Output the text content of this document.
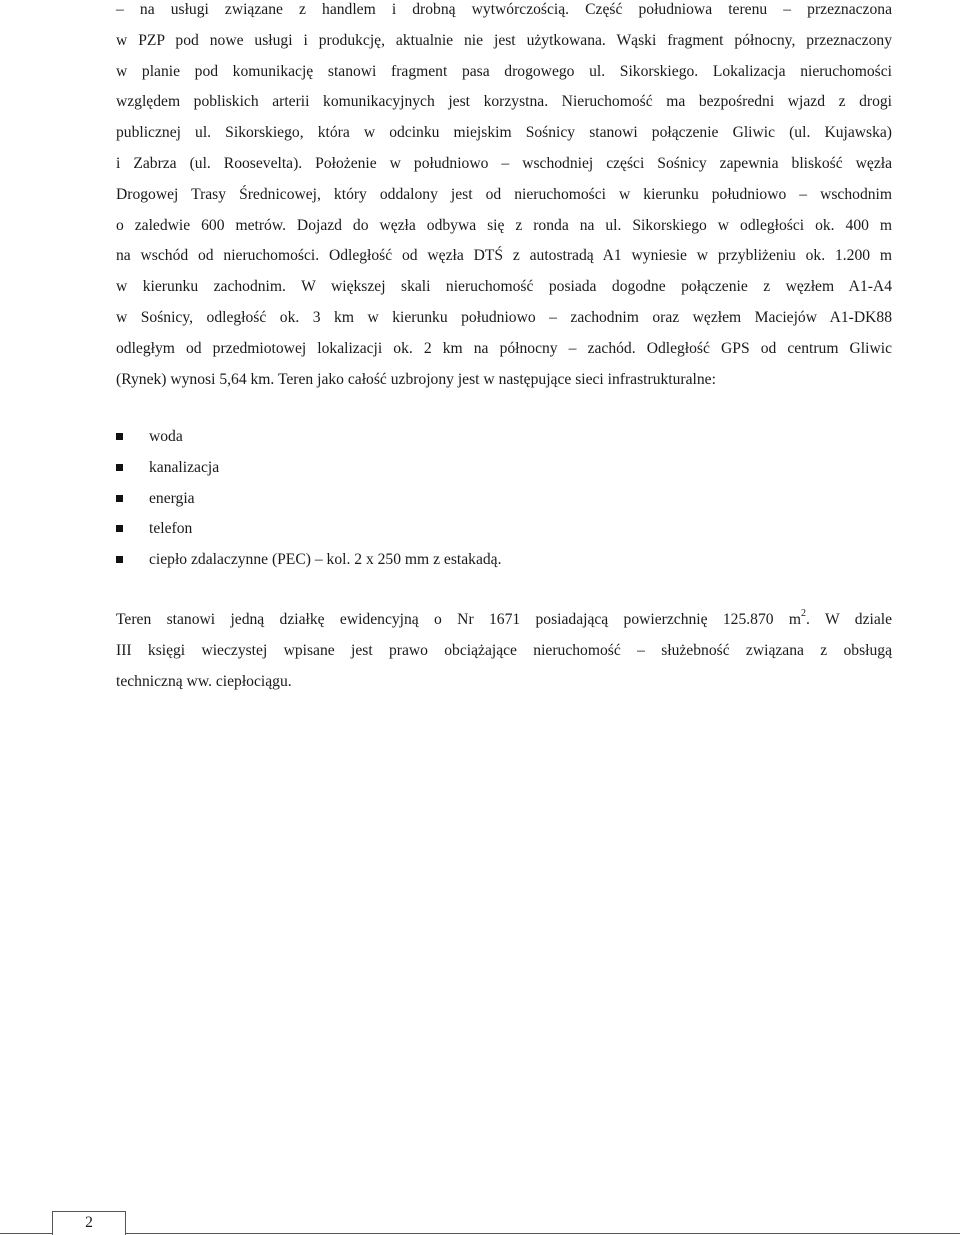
– na usługi związane z handlem i drobną wytwórczością. Część południowa terenu – przeznaczona
w PZP pod nowe usługi i produkcję, aktualnie nie jest użytkowana. Wąski fragment północny, przeznaczony
w planie pod komunikację stanowi fragment pasa drogowego ul. Sikorskiego. Lokalizacja nieruchomości
względem pobliskich arterii komunikacyjnych jest korzystna. Nieruchomość ma bezpośredni wjazd z drogi
publicznej ul. Sikorskiego, która w odcinku miejskim Sośnicy stanowi połączenie Gliwic (ul. Kujawska)
i Zabrza (ul. Roosevelta). Położenie w południowo – wschodniej części Sośnicy zapewnia bliskość węzła
Drogowej Trasy Średnicowej, który oddalony jest od nieruchomości w kierunku południowo – wschodnim
o zaledwie 600 metrów. Dojazd do węzła odbywa się z ronda na ul. Sikorskiego w odległości ok. 400 m
na wschód od nieruchomości. Odległość od węzła DTŚ z autostradą A1 wyniesie w przybliżeniu ok. 1.200 m
w kierunku zachodnim. W większej skali nieruchomość posiada dogodne połączenie z węzłem A1-A4
w Sośnicy, odległość ok. 3 km w kierunku południowo – zachodnim oraz węzłem Maciejów A1-DK88
odległym od przedmiotowej lokalizacji ok. 2 km na północny – zachód. Odległość GPS od centrum Gliwic
(Rynek) wynosi 5,64 km. Teren jako całość uzbrojony jest w następujące sieci infrastrukturalne:

woda
kanalizacja
energia
telefon
ciepło zdalaczynne (PEC) – kol. 2 x 250 mm z estakadą.

Teren stanowi jedną działkę ewidencyjną o Nr 1671 posiadającą powierzchnię 125.870 $m^2$. W dziale
III księgi wieczystej wpisane jest prawo obciążające nieruchomość – służebność związana z obsługą
techniczną ww. ciepłociągu.

2
